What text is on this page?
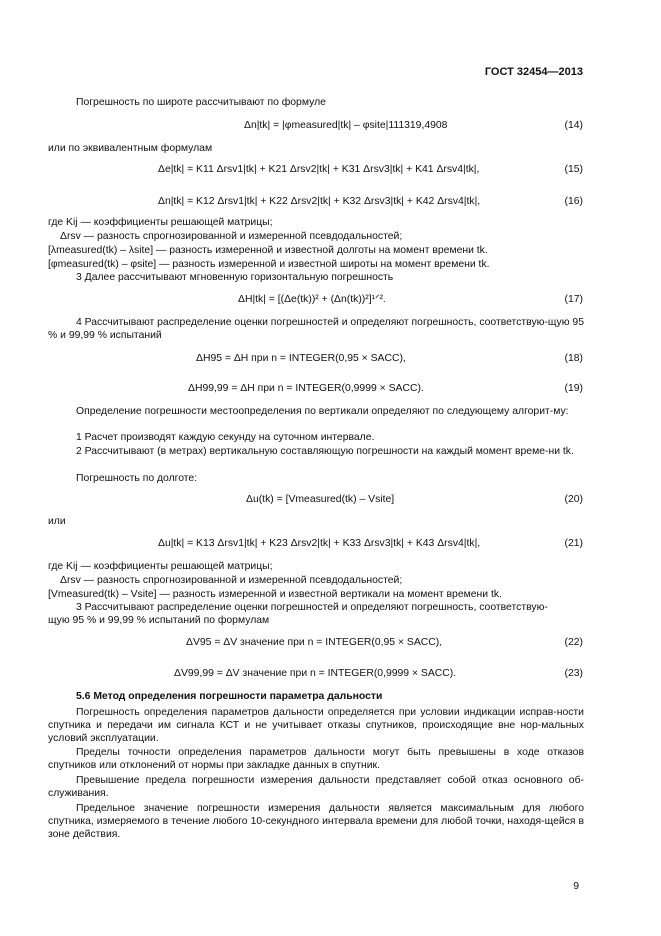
ГОСТ 32454—2013
Погрешность по широте рассчитывают по формуле
Δn|tk| = |φmeasured|tk| – φsite|111319,4908	(14)
или по эквивалентным формулам
Δe|tk| = K11 Δrsv1|tk| + K21 Δrsv2|tk| + K31 Δrsv3|tk| + K41 Δrsv4|tk|,	(15)
Δn|tk| = K12 Δrsv1|tk| + K22 Δrsv2|tk| + K32 Δrsv3|tk| + K42 Δrsv4|tk|,	(16)
где Kij — коэффициенты решающей матрицы;
Δrsv — разность спрогнозированной и измеренной псевдодальностей;
[λmeasured(tk) – λsite] — разность измеренной и известной долготы на момент времени tk.
[φmeasured(tk) – φsite] — разность измеренной и известной широты на момент времени tk.
3 Далее рассчитывают мгновенную горизонтальную погрешность
ΔH|tk| = [(Δe(tk))² + (Δn(tk))²]¹ᐟ².	(17)
4 Рассчитывают распределение оценки погрешностей и определяют погрешность, соответствую-щую 95 % и 99,99 % испытаний
ΔH95 = ΔH при n = INTEGER(0,95 × SACC),	(18)
ΔH99,99 = ΔH при n = INTEGER(0,9999 × SACC).	(19)
Определение погрешности местоопределения по вертикали определяют по следующему алгорит-му:
1 Расчет производят каждую секунду на суточном интервале.
2 Рассчитывают (в метрах) вертикальную составляющую погрешности на каждый момент време-ни tk.
Погрешность по долготе:
Δu(tk) = [Vmeasured(tk) – Vsite]	(20)
или
Δu|tk| = K13 Δrsv1|tk| + K23 Δrsv2|tk| + K33 Δrsv3|tk| + K43 Δrsv4|tk|,	(21)
где Kij — коэффициенты решающей матрицы;
Δrsv — разность спрогнозированной и измеренной псевдодальностей;
[Vmeasured(tk) – Vsite] — разность измеренной и известной вертикали на момент времени tk.
3 Рассчитывают распределение оценки погрешностей и определяют погрешность, соответствую-
щую 95 % и 99,99 % испытаний по формулам
ΔV95 = ΔV значение при n = INTEGER(0,95 × SACC),	(22)
ΔV99,99 = ΔV значение при n = INTEGER(0,9999 × SACC).	(23)
5.6 Метод определения погрешности параметра дальности
Погрешность определения параметров дальности определяется при условии индикации исправ-ности спутника и передачи им сигнала КСТ и не учитывает отказы спутников, происходящие вне нор-мальных условий эксплуатации.
Пределы точности определения параметров дальности могут быть превышены в ходе отказов спутников или отклонений от нормы при закладке данных в спутник.
Превышение предела погрешности измерения дальности представляет собой отказ основного об-служивания.
Предельное значение погрешности измерения дальности является максимальным для любого спутника, измеряемого в течение любого 10-секундного интервала времени для любой точки, находя-щейся в зоне действия.
9
